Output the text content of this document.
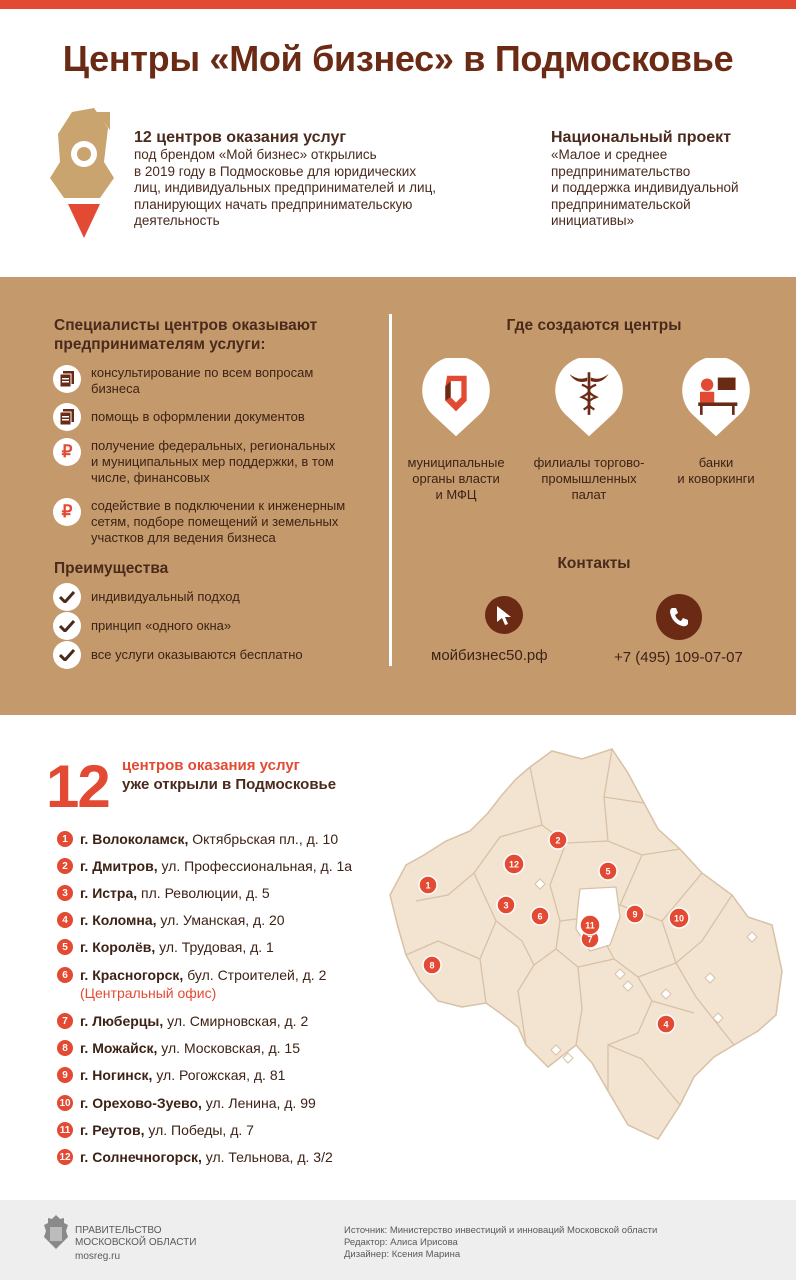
Центры «Мой бизнес» в Подмосковье
12 центров оказания услуг
под брендом «Мой бизнес» открылись
в 2019 году в Подмосковье для юридических
лиц, индивидуальных предпринимателей и лиц,
планирующих начать предпринимательскую
деятельность
Национальный проект
«Малое и среднее
предпринимательство
и поддержка индивидуальной
предпринимательской
инициативы»
Специалисты центров оказывают
предпринимателям услуги:
консультирование по всем вопросам
бизнеса
помощь в оформлении документов
₽ получение федеральных, региональных
и муниципальных мер поддержки, в том
числе, финансовых
₽ содействие в подключении к инженерным
сетям, подборе помещений и земельных
участков для ведения бизнеса
Преимущества
индивидуальный подход
принцип «одного окна»
все услуги оказываются бесплатно
Где создаются центры
муниципальные
органы власти
и МФЦ
филиалы торгово-
промышленных
палат
банки
и коворкинги
Контакты
мойбизнес50.рф	+7 (495) 109-07-07
12 центров оказания услуг
уже открыли в Подмосковье
1 г. Волоколамск, Октябрьская пл., д. 10
2 г. Дмитров, ул. Профессиональная, д. 1а
3 г. Истра, пл. Революции, д. 5
4 г. Коломна, ул. Уманская, д. 20
5 г. Королёв, ул. Трудовая, д. 1
6 г. Красногорск, бул. Строителей, д. 2
(Центральный офис)
7 г. Люберцы, ул. Смирновская, д. 2
8 г. Можайск, ул. Московская, д. 15
9 г. Ногинск, ул. Рогожская, д. 81
10 г. Орехово-Зуево, ул. Ленина, д. 99
11 г. Реутов, ул. Победы, д. 7
12 г. Солнечногорск, ул. Тельнова, д. 3/2
1
2
3
4
5
6
7
8
9	10
11
12
ПРАВИТЕЛЬСТВО
МОСКОВСКОЙ ОБЛАСТИ
mosreg.ru
Источник: Министерство инвестиций и инноваций Московской области
Редактор: Алиса Ирисова
Дизайнер: Ксения Марина
